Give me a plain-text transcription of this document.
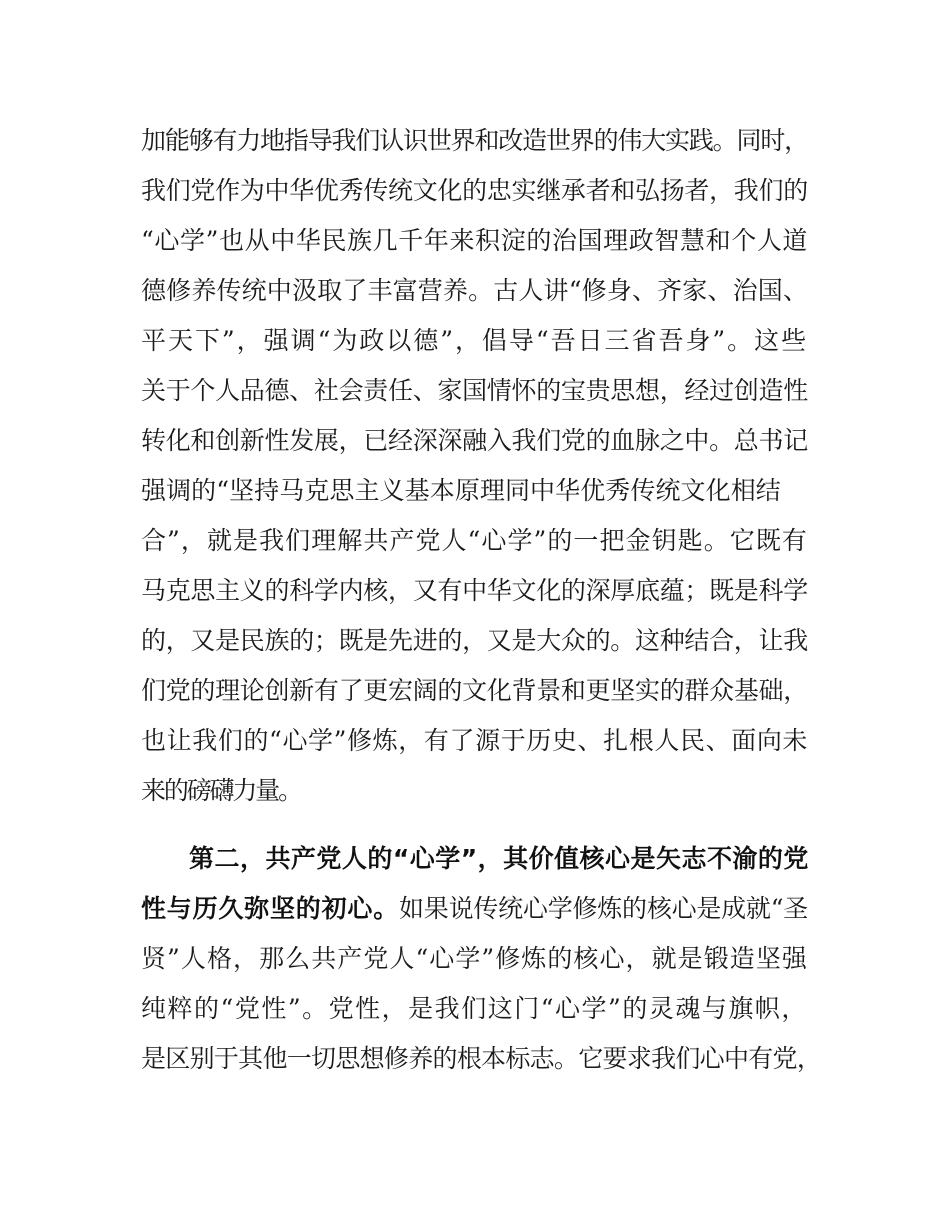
加能够有力地指导我们认识世界和改造世界的伟大实践。同时，
我们党作为中华优秀传统文化的忠实继承者和弘扬者，我们的
“心学”也从中华民族几千年来积淀的治国理政智慧和个人道
德修养传统中汲取了丰富营养。古人讲“修身、齐家、治国、
平天下”，强调“为政以德”，倡导“吾日三省吾身”。这些
关于个人品德、社会责任、家国情怀的宝贵思想，经过创造性
转化和创新性发展，已经深深融入我们党的血脉之中。总书记
强调的“坚持马克思主义基本原理同中华优秀传统文化相结
合”，就是我们理解共产党人“心学”的一把金钥匙。它既有
马克思主义的科学内核，又有中华文化的深厚底蕴；既是科学
的，又是民族的；既是先进的，又是大众的。这种结合，让我
们党的理论创新有了更宏阔的文化背景和更坚实的群众基础，
也让我们的“心学”修炼，有了源于历史、扎根人民、面向未
来的磅礴力量。
第二，共产党人的“心学”，其价值核心是矢志不渝的党
性与历久弥坚的初心。 如果说传统心学修炼的核心是成就“圣
贤”人格，那么共产党人“心学”修炼的核心，就是锻造坚强
纯粹的“党性”。党性，是我们这门“心学”的灵魂与旗帜，
是区别于其他一切思想修养的根本标志。它要求我们心中有党，
